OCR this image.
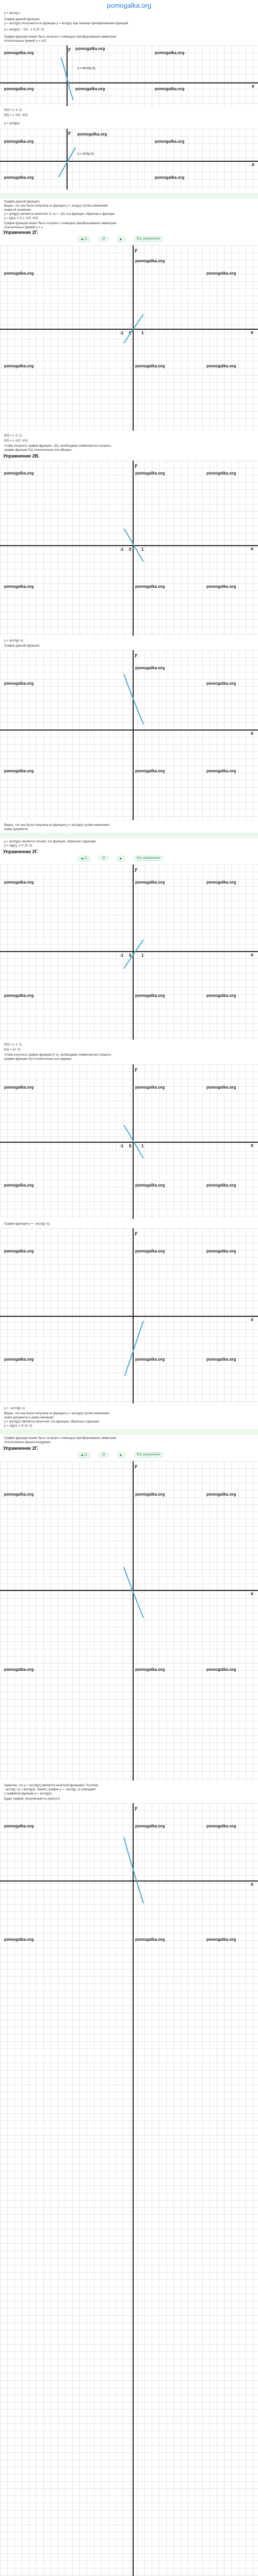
pomogalka.org
y = arcctg x.
График данной функции:
y = arcctg(x) получается из функции y = arctg(x) при помощи преобразования функций
y = arctg(x) − π/2 , x ∈ [0; π]
График функции может быть получен с помощью преобразования симметрии
относительно прямой y = π/2.
y
x
y = arcctg (x)
pomogalka.org
pomogalka.org
pomogalka.org
pomogalka.org	pomogalka.org	pomogalka.org
D(f) = (−1; 1)
E(f) = (−π/2; π/2)
y = arctg(x)
y
x
y = arctg (x)
pomogalka.org
pomogalka.org	pomogalka.org
pomogalka.org	pomogalka.org
График данной функции:
Видно, что она была получена из функции y = arctg(x) путём изменения
знака её значения.
y = arctg(x) является нечетной: f(−x) = −f(x) эта функция, обратная к функции
y = tg(x), x ∈ (−π/2; π/2)
График функции может быть получен с помощью преобразования симметрии
относительно прямой y = x.
Упражнение 2Г.
◀ 15	2А	▶	Все упражнения
y
x
-1 0 1
pomogalka.org
pomogalka.org	pomogalka.org
pomogalka.org	pomogalka.org	pomogalka.org
D(f) = (−1; 1)
E(f) = (−π/2; π/2)
Чтобы получить график функции −f(x), необходимо симметрично отразить
график функции f(x) относительно оси абсцисс.
Упражнение 2В.
y
x
-1 0 1
pomogalka.org	pomogalka.org	pomogalka.org
pomogalka.org	pomogalka.org	pomogalka.org
y = arcctg(−x).
График данной функции:
y
x
pomogalka.org
pomogalka.org	pomogalka.org
pomogalka.org	pomogalka.org	pomogalka.org
Видно, что она была получена из функции y = arcctg(x) путём изменения
знака аргумента.
y = arcctg(x) является четной, эта функция, обратная к функции
y = ctg(x), x ∈ (0; π)
Упражнение 2Г.
◀ 15	2А	▶	Все упражнения
y
x
-1 0 1
pomogalka.org	pomogalka.org	pomogalka.org
pomogalka.org	pomogalka.org	pomogalka.org
D(f) = (−1; 1)
E(f) = (0; π)
Чтобы получить график функции f(−x), необходимо симметрично отразить
график функции f(x) относительно оси ординат.
y
x
-1 0 1
pomogalka.org	pomogalka.org	pomogalka.org
pomogalka.org	pomogalka.org	pomogalka.org
График функции y = −arcctg(−x):
y
x
pomogalka.org	pomogalka.org	pomogalka.org
pomogalka.org	pomogalka.org	pomogalka.org
y = −arcctg(−x)
Видно, что она была получена из функции y = arcctg(x) путём изменения
знака аргумента и знака значения.
y = arcctg(x) является нечетной, эта функция, обратная к функции
y = ctg(x), x ∈ (0; π)
График функции может быть получен с помощью преобразования симметрии
относительно начала координат.
Упражнение 2Г.
◀ 15	2А	▶	Все упражнения
y
x
pomogalka.org	pomogalka.org	pomogalka.org
pomogalka.org	pomogalka.org	pomogalka.org
Заметим, что y = arcctg(x) является нечётной функцией. Поэтому
−arcctg(−x) = arcctg(x). Значит, график y = −arcctg(−x) совпадает
с графиком функции y = arcctg(x).
Будет график, полученный из пункта б.
y
x
pomogalka.org	pomogalka.org	pomogalka.org
pomogalka.org	pomogalka.org	pomogalka.org
